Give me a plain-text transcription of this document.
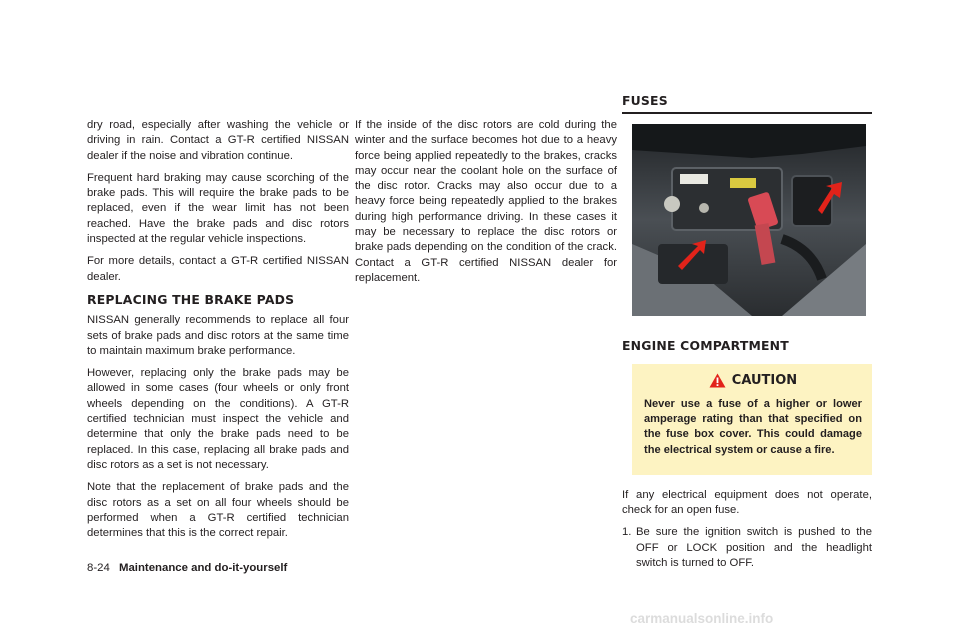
dry road, especially after washing the vehicle or driving in rain. Contact a GT-R certified NISSAN dealer if the noise and vibration continue.

Frequent hard braking may cause scorching of the brake pads. This will require the brake pads to be replaced, even if the wear limit has not been reached. Have the brake pads and disc rotors inspected at the regular vehicle inspections.

For more details, contact a GT-R certified NISSAN dealer.

REPLACING THE BRAKE PADS

NISSAN generally recommends to replace all four sets of brake pads and disc rotors at the same time to maintain maximum brake performance.

However, replacing only the brake pads may be allowed in some cases (four wheels or only front wheels depending on the conditions). A GT-R certified technician must inspect the vehicle and determine that only the brake pads need to be replaced. In this case, replacing all brake pads and disc rotors as a set is not necessary.

Note that the replacement of brake pads and the disc rotors as a set on all four wheels should be performed when a GT-R certified technician determines that this is the correct repair.

If the inside of the disc rotors are cold during the winter and the surface becomes hot due to a heavy force being applied repeatedly to the brakes, cracks may occur near the coolant hole on the surface of the disc rotor. Cracks may also occur due to a heavy force being repeatedly applied to the brakes during high performance driving. In these cases it may be necessary to replace the disc rotors or brake pads depending on the condition of the crack. Contact a GT-R certified NISSAN dealer for replacement.

FUSES
ENGINE COMPARTMENT
CAUTION

Never use a fuse of a higher or lower amperage rating than that specified on the fuse box cover. This could damage the electrical system or cause a fire.

If any electrical equipment does not operate, check for an open fuse.

1. Be sure the ignition switch is pushed to the OFF or LOCK position and the headlight switch is turned to OFF.
8-24 Maintenance and do-it-yourself
carmanualsonline.info
